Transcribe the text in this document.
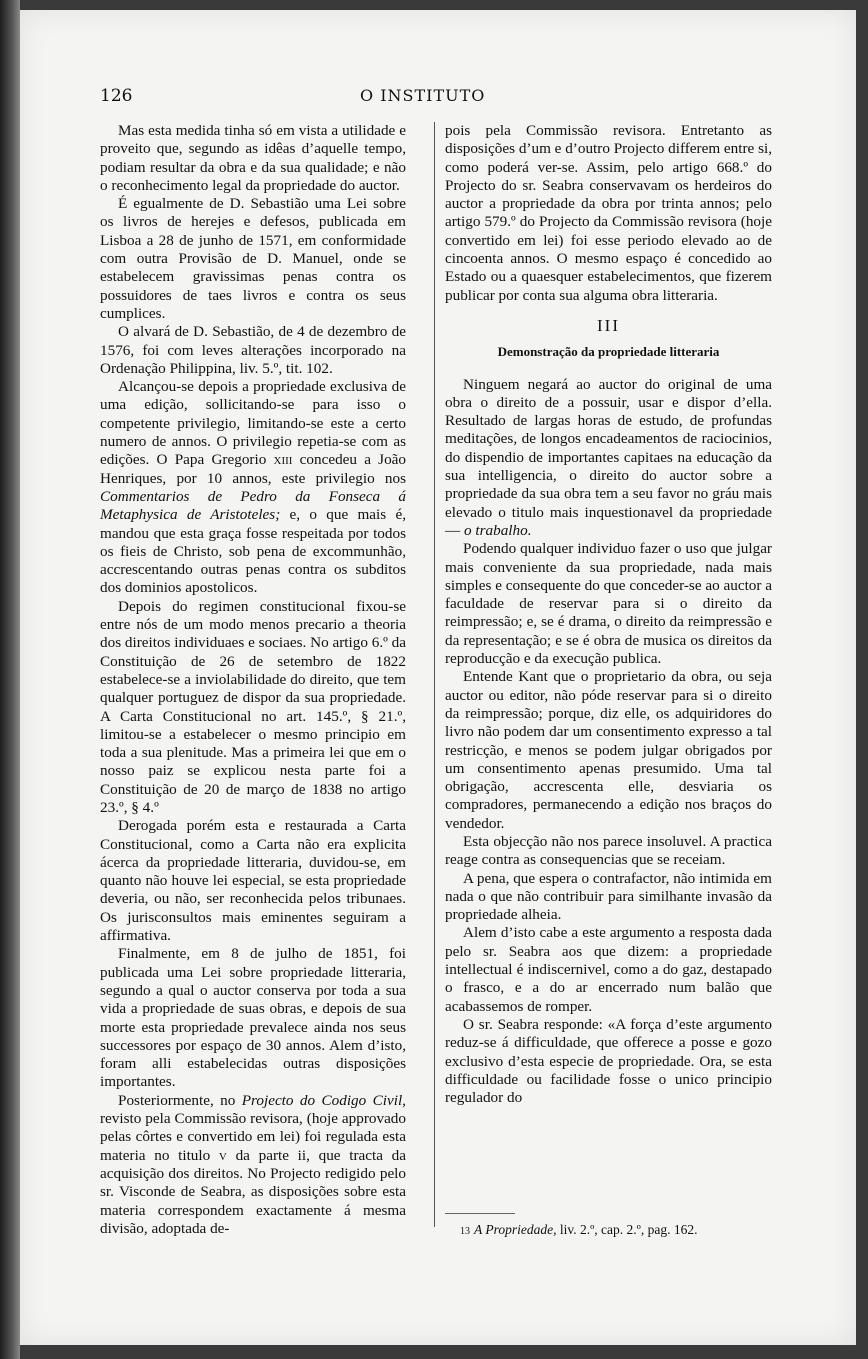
126	O INSTITUTO

Mas esta medida tinha só em vista a utilidade e proveito que, segundo as idêas d’aquelle tempo, podiam resultar da obra e da sua qualidade; e não o reconhecimento legal da propriedade do auctor.

É egualmente de D. Sebastião uma Lei sobre os livros de herejes e defesos, publicada em Lisboa a 28 de junho de 1571, em conformidade com outra Provisão de D. Manuel, onde se estabelecem gravissimas penas contra os possuidores de taes livros e contra os seus cumplices.

O alvará de D. Sebastião, de 4 de dezembro de 1576, foi com leves alterações incorporado na Ordenação Philippina, liv. 5.º, tit. 102.

Alcançou-se depois a propriedade exclusiva de uma edição, sollicitando-se para isso o competente privilegio, limitando-se este a certo numero de annos. O privilegio repetia-se com as edições. O Papa Gregorio xiii concedeu a João Henriques, por 10 annos, este privilegio nos Commentarios de Pedro da Fonseca á Metaphysica de Aristoteles; e, o que mais é, mandou que esta graça fosse respeitada por todos os fieis de Christo, sob pena de excommunhão, accrescentando outras penas contra os subditos dos dominios apostolicos.

Depois do regimen constitucional fixou-se entre nós de um modo menos precario a theoria dos direitos individuaes e sociaes. No artigo 6.º da Constituição de 26 de setembro de 1822 estabelece-se a inviolabilidade do direito, que tem qualquer portuguez de dispor da sua propriedade. A Carta Constitucional no art. 145.º, § 21.º, limitou-se a estabelecer o mesmo principio em toda a sua plenitude. Mas a primeira lei que em o nosso paiz se explicou nesta parte foi a Constituição de 20 de março de 1838 no artigo 23.º, § 4.º

Derogada porém esta e restaurada a Carta Constitucional, como a Carta não era explicita ácerca da propriedade litteraria, duvidou-se, em quanto não houve lei especial, se esta propriedade deveria, ou não, ser reconhecida pelos tribunaes. Os jurisconsultos mais eminentes seguiram a affirmativa.

Finalmente, em 8 de julho de 1851, foi publicada uma Lei sobre propriedade litteraria, segundo a qual o auctor conserva por toda a sua vida a propriedade de suas obras, e depois de sua morte esta propriedade prevalece ainda nos seus successores por espaço de 30 annos. Alem d’isto, foram alli estabelecidas outras disposições importantes.

Posteriormente, no Projecto do Codigo Civil, revisto pela Commissão revisora, (hoje approvado pelas côrtes e convertido em lei) foi regulada esta materia no titulo v da parte ii, que tracta da acquisição dos direitos. No Projecto redigido pelo sr. Visconde de Seabra, as disposições sobre esta materia correspondem exactamente á mesma divisão, adoptada de-

pois pela Commissão revisora. Entretanto as disposições d’um e d’outro Projecto differem entre si, como poderá ver-se. Assim, pelo artigo 668.º do Projecto do sr. Seabra conservavam os herdeiros do auctor a propriedade da obra por trinta annos; pelo artigo 579.º do Projecto da Commissão revisora (hoje convertido em lei) foi esse periodo elevado ao de cincoenta annos. O mesmo espaço é concedido ao Estado ou a quaesquer estabelecimentos, que fizerem publicar por conta sua alguma obra litteraria.

III
Demonstração da propriedade litteraria

Ninguem negará ao auctor do original de uma obra o direito de a possuir, usar e dispor d’ella. Resultado de largas horas de estudo, de profundas meditações, de longos encadeamentos de raciocinios, do dispendio de importantes capitaes na educação da sua intelligencia, o direito do auctor sobre a propriedade da sua obra tem a seu favor no gráu mais elevado o titulo mais inquestionavel da propriedade — o trabalho.

Podendo qualquer individuo fazer o uso que julgar mais conveniente da sua propriedade, nada mais simples e consequente do que conceder-se ao auctor a faculdade de reservar para si o direito da reimpressão; e, se é drama, o direito da reimpressão e da representação; e se é obra de musica os direitos da reproducção e da execução publica.

Entende Kant que o proprietario da obra, ou seja auctor ou editor, não póde reservar para si o direito da reimpressão; porque, diz elle, os adquiridores do livro não podem dar um consentimento expresso a tal restricção, e menos se podem julgar obrigados por um consentimento apenas presumido. Uma tal obrigação, accrescenta elle, desviaria os compradores, permanecendo a edição nos braços do vendedor.

Esta objecção não nos parece insoluvel. A practica reage contra as consequencias que se receiam.

A pena, que espera o contrafactor, não intimida em nada o que não contribuir para similhante invasão da propriedade alheia.

Alem d’isto cabe a este argumento a resposta dada pelo sr. Seabra aos que dizem: a propriedade intellectual é indiscernivel, como a do gaz, destapado o frasco, e a do ar encerrado num balão que acabassemos de romper.

O sr. Seabra responde: «A força d’este argumento reduz-se á difficuldade, que offerece a posse e gozo exclusivo d’esta especie de propriedade. Ora, se esta difficuldade ou facilidade fosse o unico principio regulador do

13 A Propriedade, liv. 2.º, cap. 2.º, pag. 162.
